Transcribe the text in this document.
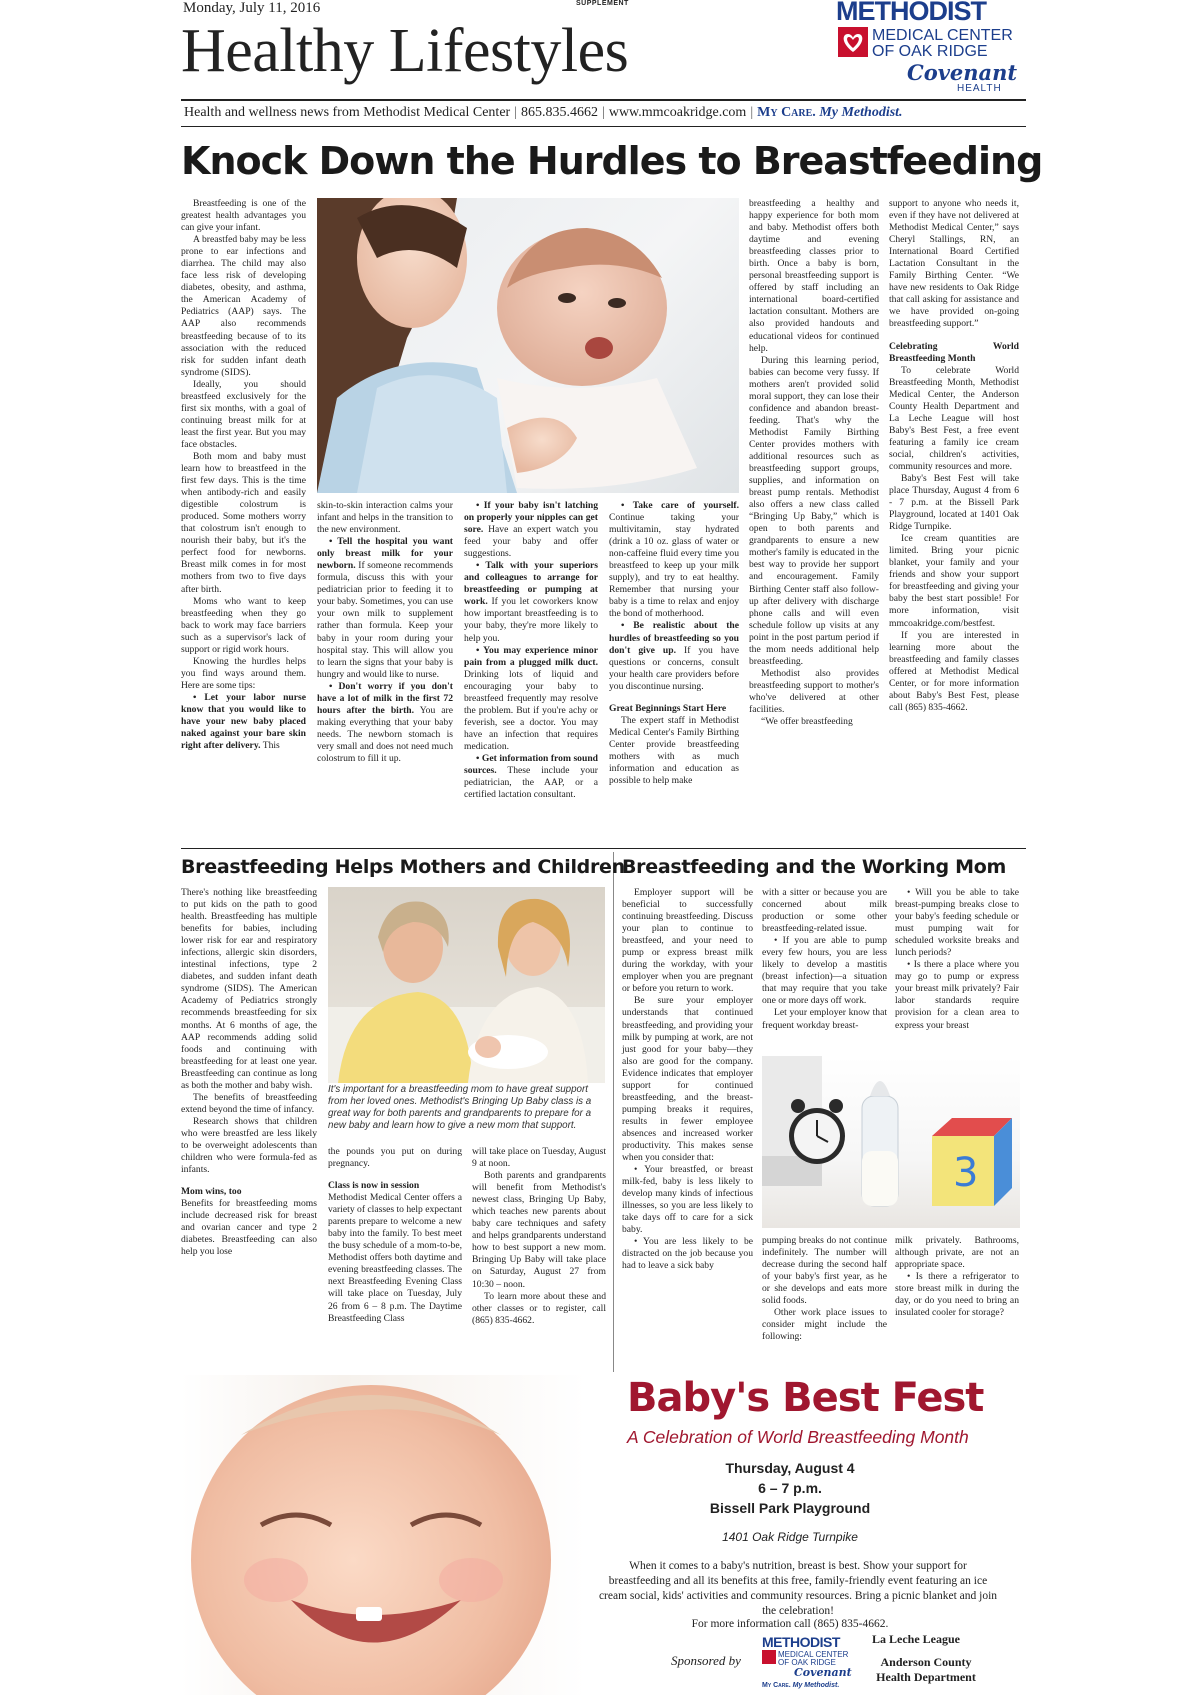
Monday, July 11, 2016	SUPPLEMENT
Healthy Lifestyles
METHODIST
MEDICAL CENTER
OF OAK RIDGE
Covenant
HEALTH
Health and wellness news from Methodist Medical Center | 865.835.4662 | www.mmcoakridge.com | My Care. My Methodist.
Knock Down the Hurdles to Breastfeeding

Breastfeeding is one of the greatest health advantages you can give your infant.

A breastfed baby may be less prone to ear infections and diarrhea. The child may also face less risk of developing diabetes, obesity, and asthma, the American Academy of Pediatrics (AAP) says. The AAP also recommends breastfeeding because of to its association with the reduced risk for sudden infant death syndrome (SIDS).

Ideally, you should breastfeed exclusively for the first six months, with a goal of continuing breast milk for at least the first year. But you may face obstacles.

Both mom and baby must learn how to breastfeed in the first few days. This is the time when antibody-rich and easily digestible colostrum is produced. Some mothers worry that colostrum isn't enough to nourish their baby, but it's the perfect food for newborns. Breast milk comes in for most mothers from two to five days after birth.

Moms who want to keep breastfeeding when they go back to work may face barriers such as a supervisor's lack of support or rigid work hours.

Knowing the hurdles helps you find ways around them. Here are some tips:

• Let your labor nurse know that you would like to have your new baby placed naked against your bare skin right after delivery. This

skin-to-skin interaction calms your infant and helps in the transition to the new environment.

• Tell the hospital you want only breast milk for your newborn. If someone recommends formula, discuss this with your pediatrician prior to feeding it to your baby. Sometimes, you can use your own milk to supplement rather than formula. Keep your baby in your room during your hospital stay. This will allow you to learn the signs that your baby is hungry and would like to nurse.

• Don't worry if you don't have a lot of milk in the first 72 hours after the birth. You are making everything that your baby needs. The newborn stomach is very small and does not need much colostrum to fill it up.

• If your baby isn't latching on properly your nipples can get sore. Have an expert watch you feed your baby and offer suggestions.

• Talk with your superiors and colleagues to arrange for breastfeeding or pumping at work. If you let coworkers know how important breastfeeding is to your baby, they're more likely to help you.

• You may experience minor pain from a plugged milk duct. Drinking lots of liquid and encouraging your baby to breastfeed frequently may resolve the problem. But if you're achy or feverish, see a doctor. You may have an infection that requires medication.

• Get information from sound sources. These include your pediatrician, the AAP, or a certified lactation consultant.

• Take care of yourself. Continue taking your multivitamin, stay hydrated (drink a 10 oz. glass of water or non-caffeine fluid every time you breastfeed to keep up your milk supply), and try to eat healthy. Remember that nursing your baby is a time to relax and enjoy the bond of motherhood.

• Be realistic about the hurdles of breastfeeding so you don't give up. If you have questions or concerns, consult your health care providers before you discontinue nursing.

Great Beginnings Start Here

The expert staff in Methodist Medical Center's Family Birthing Center provide breastfeeding mothers with as much information and education as possible to help make

breastfeeding a healthy and happy experience for both mom and baby. Methodist offers both daytime and evening breastfeeding classes prior to birth. Once a baby is born, personal breastfeeding support is offered by staff including an international board-certified lactation consultant. Mothers are also provided handouts and educational videos for continued help.

During this learning period, babies can become very fussy. If mothers aren't provided solid moral support, they can lose their confidence and abandon breast-feeding. That's why the Methodist Family Birthing Center provides mothers with additional resources such as breastfeeding support groups, supplies, and information on breast pump rentals. Methodist also offers a new class called “Bringing Up Baby,” which is open to both parents and grandparents to ensure a new mother's family is educated in the best way to provide her support and encouragement. Family Birthing Center staff also follow-up after delivery with discharge phone calls and will even schedule follow up visits at any point in the post partum period if the mom needs additional help breastfeeding.

Methodist also provides breastfeeding support to mother's who've delivered at other facilities.

“We offer breastfeeding

support to anyone who needs it, even if they have not delivered at Methodist Medical Center,” says Cheryl Stallings, RN, an International Board Certified Lactation Consultant in the Family Birthing Center. “We have new residents to Oak Ridge that call asking for assistance and we have provided on-going breastfeeding support.”

Celebrating World Breastfeeding Month

To celebrate World Breastfeeding Month, Methodist Medical Center, the Anderson County Health Department and La Leche League will host Baby's Best Fest, a free event featuring a family ice cream social, children's activities, community resources and more.

Baby's Best Fest will take place Thursday, August 4 from 6 - 7 p.m. at the Bissell Park Playground, located at 1401 Oak Ridge Turnpike.

Ice cream quantities are limited. Bring your picnic blanket, your family and your friends and show your support for breastfeeding and giving your baby the best start possible! For more information, visit mmcoakridge.com/bestfest.

If you are interested in learning more about the breastfeeding and family classes offered at Methodist Medical Center, or for more information about Baby's Best Fest, please call (865) 835-4662.

Breastfeeding Helps Mothers and Children

There's nothing like breastfeeding to put kids on the path to good health. Breastfeeding has multiple benefits for babies, including lower risk for ear and respiratory infections, allergic skin disorders, intestinal infections, type 2 diabetes, and sudden infant death syndrome (SIDS). The American Academy of Pediatrics strongly recommends breastfeeding for six months. At 6 months of age, the AAP recommends adding solid foods and continuing with breastfeeding for at least one year. Breastfeeding can continue as long as both the mother and baby wish.

The benefits of breastfeeding extend beyond the time of infancy.

Research shows that children who were breastfed are less likely to be overweight adolescents than children who were formula-fed as infants.

Mom wins, too

Benefits for breastfeeding moms include decreased risk for breast and ovarian cancer and type 2 diabetes. Breastfeeding can also help you lose

It's important for a breastfeeding mom to have great support from her loved ones. Methodist's Bringing Up Baby class is a great way for both parents and grandparents to prepare for a new baby and learn how to give a new mom that support.

the pounds you put on during pregnancy.

Class is now in session

Methodist Medical Center offers a variety of classes to help expectant parents prepare to welcome a new baby into the family. To best meet the busy schedule of a mom-to-be, Methodist offers both daytime and evening breastfeeding classes. The next Breastfeeding Evening Class will take place on Tuesday, July 26 from 6 – 8 p.m. The Daytime Breastfeeding Class

will take place on Tuesday, August 9 at noon.

Both parents and grandparents will benefit from Methodist's newest class, Bringing Up Baby, which teaches new parents about baby care techniques and safety and helps grandparents understand how to best support a new mom. Bringing Up Baby will take place on Saturday, August 27 from 10:30 – noon.

To learn more about these and other classes or to register, call (865) 835-4662.

Breastfeeding and the Working Mom

Employer support will be beneficial to successfully continuing breastfeeding. Discuss your plan to continue to breastfeed, and your need to pump or express breast milk during the workday, with your employer when you are pregnant or before you return to work.

Be sure your employer understands that continued breastfeeding, and providing your milk by pumping at work, are not just good for your baby—they also are good for the company. Evidence indicates that employer support for continued breastfeeding, and the breast-pumping breaks it requires, results in fewer employee absences and increased worker productivity. This makes sense when you consider that:

• Your breastfed, or breast milk-fed, baby is less likely to develop many kinds of infectious illnesses, so you are less likely to take days off to care for a sick baby.

• You are less likely to be distracted on the job because you had to leave a sick baby

with a sitter or because you are concerned about milk production or some other breastfeeding-related issue.

• If you are able to pump every few hours, you are less likely to develop a mastitis (breast infection)—a situation that may require that you take one or more days off work.

Let your employer know that frequent workday breast-

• Will you be able to take breast-pumping breaks close to your baby's feeding schedule or must pumping wait for scheduled worksite breaks and lunch periods?

• Is there a place where you may go to pump or express your breast milk privately? Fair labor standards require provision for a clean area to express your breast

3

pumping breaks do not continue indefinitely. The number will decrease during the second half of your baby's first year, as he or she develops and eats more solid foods.

Other work place issues to consider might include the following:

milk privately. Bathrooms, although private, are not an appropriate space.

• Is there a refrigerator to store breast milk in during the day, or do you need to bring an insulated cooler for storage?

Baby's Best Fest
A Celebration of World Breastfeeding Month
Thursday, August 4
6 – 7 p.m.
Bissell Park Playground
1401 Oak Ridge Turnpike
When it comes to a baby's nutrition, breast is best. Show your support for breastfeeding and all its benefits at this free, family-friendly event featuring an ice cream social, kids' activities and community resources. Bring a picnic blanket and join the celebration!
For more information call (865) 835-4662.
Sponsored by
METHODIST
MEDICAL CENTER
OF OAK RIDGE
Covenant
My Care. My Methodist.
La Leche League
Anderson County Health Department
